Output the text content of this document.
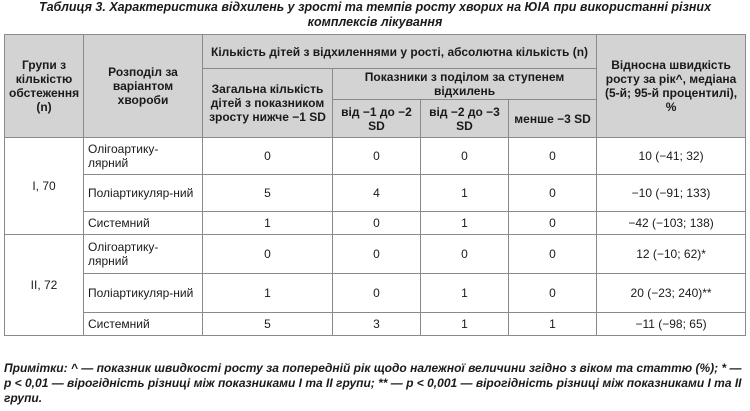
Таблиця 3. Характеристика відхилень у зрості та темпів росту хворих на ЮІА при використанні різних комплексів лікування
Групи з кількістю обстеження (n)	Розподіл за варіантом хвороби	Кількість дітей з відхиленнями у рості, абсолютна кількість (n)				Відносна швидкість росту за рік^, медіана (5-й; 95-й процентилі), %
		Загальна кількість дітей з показником зросту нижче −1 SD	Показники з поділом за ступенем відхилень			
			від −1 до −2 SD	від −2 до −3 SD	менше −3 SD	
І, 70	Олігоартику-лярний	0	0	0	0	10 (−41; 32)
	Поліартикуляр-ний	5	4	1	0	−10 (−91; 133)
	Системний	1	0	1	0	−42 (−103; 138)
ІІ, 72	Олігоартику-лярний	0	0	0	0	12 (−10; 62)*
	Поліартикуляр-ний	1	0	1	0	20 (−23; 240)**
	Системний	5	3	1	1	−11 (−98; 65)
Примітки: ^ — показник швидкості росту за попередній рік щодо належної величини згідно з віком та статтю (%); * — р < 0,01 — вірогідність різниці між показниками І та ІІ групи; ** — р < 0,001 — вірогідність різниці між показниками І та ІІ групи.
